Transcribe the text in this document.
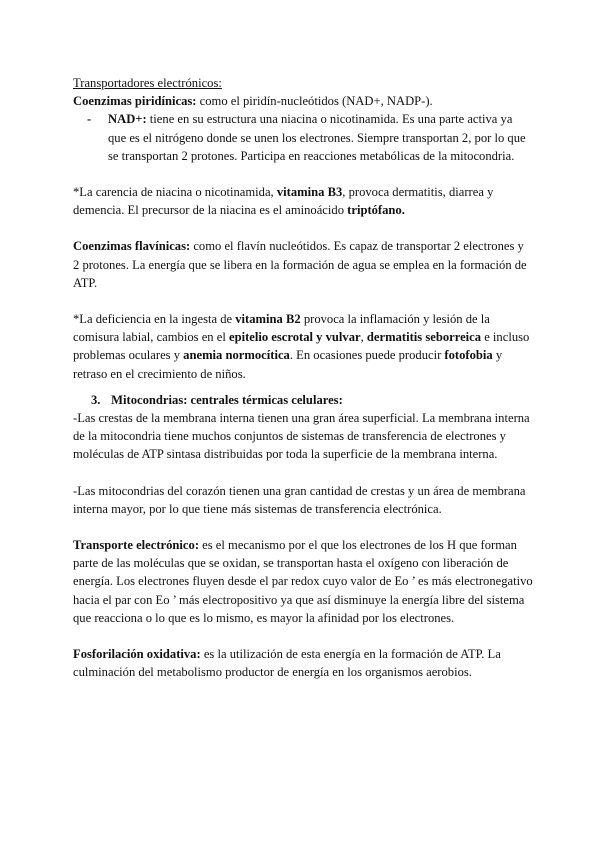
Transportadores electrónicos:

Coenzimas piridínicas: como el piridín-nucleótidos (NAD+, NADP-).

- NAD+: tiene en su estructura una niacina o nicotinamida. Es una parte activa ya que es el nitrógeno donde se unen los electrones. Siempre transportan 2, por lo que se transportan 2 protones. Participa en reacciones metabólicas de la mitocondria.

*La carencia de niacina o nicotinamida, vitamina B3, provoca dermatitis, diarrea y demencia. El precursor de la niacina es el aminoácido triptófano.

Coenzimas flavínicas: como el flavín nucleótidos. Es capaz de transportar 2 electrones y 2 protones. La energía que se libera en la formación de agua se emplea en la formación de ATP.

*La deficiencia en la ingesta de vitamina B2 provoca la inflamación y lesión de la comisura labial, cambios en el epitelio escrotal y vulvar, dermatitis seborreica e incluso problemas oculares y anemia normocítica. En ocasiones puede producir fotofobia y retraso en el crecimiento de niños.

3. Mitocondrias: centrales térmicas celulares:

-Las crestas de la membrana interna tienen una gran área superficial. La membrana interna de la mitocondria tiene muchos conjuntos de sistemas de transferencia de electrones y moléculas de ATP sintasa distribuidas por toda la superficie de la membrana interna.

-Las mitocondrias del corazón tienen una gran cantidad de crestas y un área de membrana interna mayor, por lo que tiene más sistemas de transferencia electrónica.

Transporte electrónico: es el mecanismo por el que los electrones de los H que forman parte de las moléculas que se oxidan, se transportan hasta el oxígeno con liberación de energía. Los electrones fluyen desde el par redox cuyo valor de Eo ’ es más electronegativo hacia el par con Eo ’ más electropositivo ya que así disminuye la energía libre del sistema que reacciona o lo que es lo mismo, es mayor la afinidad por los electrones.

Fosforilación oxidativa: es la utilización de esta energía en la formación de ATP. La culminación del metabolismo productor de energía en los organismos aerobios.
